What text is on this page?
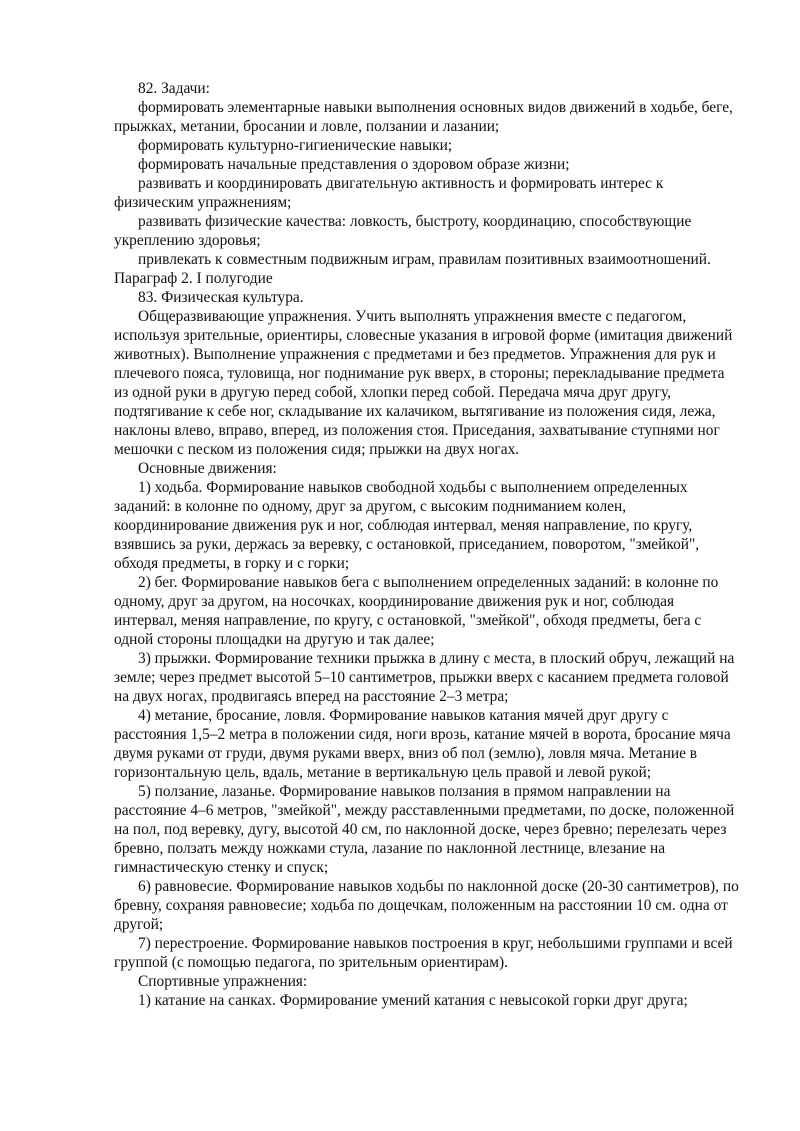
82. Задачи:

формировать элементарные навыки выполнения основных видов движений в ходьбе, беге, прыжках, метании, бросании и ловле, ползании и лазании;

формировать культурно-гигиенические навыки;

формировать начальные представления о здоровом образе жизни;

развивать и координировать двигательную активность и формировать интерес к физическим упражнениям;

развивать физические качества: ловкость, быстроту, координацию, способствующие укреплению здоровья;

привлекать к совместным подвижным играм, правилам позитивных взаимоотношений.

Параграф 2. I полугодие

83. Физическая культура.

Общеразвивающие упражнения. Учить выполнять упражнения вместе с педагогом, используя зрительные, ориентиры, словесные указания в игровой форме (имитация движений животных). Выполнение упражнения с предметами и без предметов. Упражнения для рук и плечевого пояса, туловища, ног поднимание рук вверх, в стороны; перекладывание предмета из одной руки в другую перед собой, хлопки перед собой. Передача мяча друг другу, подтягивание к себе ног, складывание их калачиком, вытягивание из положения сидя, лежа, наклоны влево, вправо, вперед, из положения стоя. Приседания, захватывание ступнями ног мешочки с песком из положения сидя; прыжки на двух ногах.

Основные движения:

1) ходьба. Формирование навыков свободной ходьбы с выполнением определенных заданий: в колонне по одному, друг за другом, с высоким подниманием колен, координирование движения рук и ног, соблюдая интервал, меняя направление, по кругу, взявшись за руки, держась за веревку, с остановкой, приседанием, поворотом, "змейкой", обходя предметы, в горку и с горки;

2) бег. Формирование навыков бега с выполнением определенных заданий: в колонне по одному, друг за другом, на носочках, координирование движения рук и ног, соблюдая интервал, меняя направление, по кругу, с остановкой, "змейкой", обходя предметы, бега с одной стороны площадки на другую и так далее;

3) прыжки. Формирование техники прыжка в длину с места, в плоский обруч, лежащий на земле; через предмет высотой 5–10 сантиметров, прыжки вверх с касанием предмета головой на двух ногах, продвигаясь вперед на расстояние 2–3 метра;

4) метание, бросание, ловля. Формирование навыков катания мячей друг другу с расстояния 1,5–2 метра в положении сидя, ноги врозь, катание мячей в ворота, бросание мяча двумя руками от груди, двумя руками вверх, вниз об пол (землю), ловля мяча. Метание в горизонтальную цель, вдаль, метание в вертикальную цель правой и левой рукой;

5) ползание, лазанье. Формирование навыков ползания в прямом направлении на расстояние 4–6 метров, "змейкой", между расставленными предметами, по доске, положенной на пол, под веревку, дугу, высотой 40 см, по наклонной доске, через бревно; перелезать через бревно, ползать между ножками стула, лазание по наклонной лестнице, влезание на гимнастическую стенку и спуск;

6) равновесие. Формирование навыков ходьбы по наклонной доске (20-30 сантиметров), по бревну, сохраняя равновесие; ходьба по дощечкам, положенным на расстоянии 10 см. одна от другой;

7) перестроение. Формирование навыков построения в круг, небольшими группами и всей группой (с помощью педагога, по зрительным ориентирам).

Спортивные упражнения:

1) катание на санках. Формирование умений катания с невысокой горки друг друга;
